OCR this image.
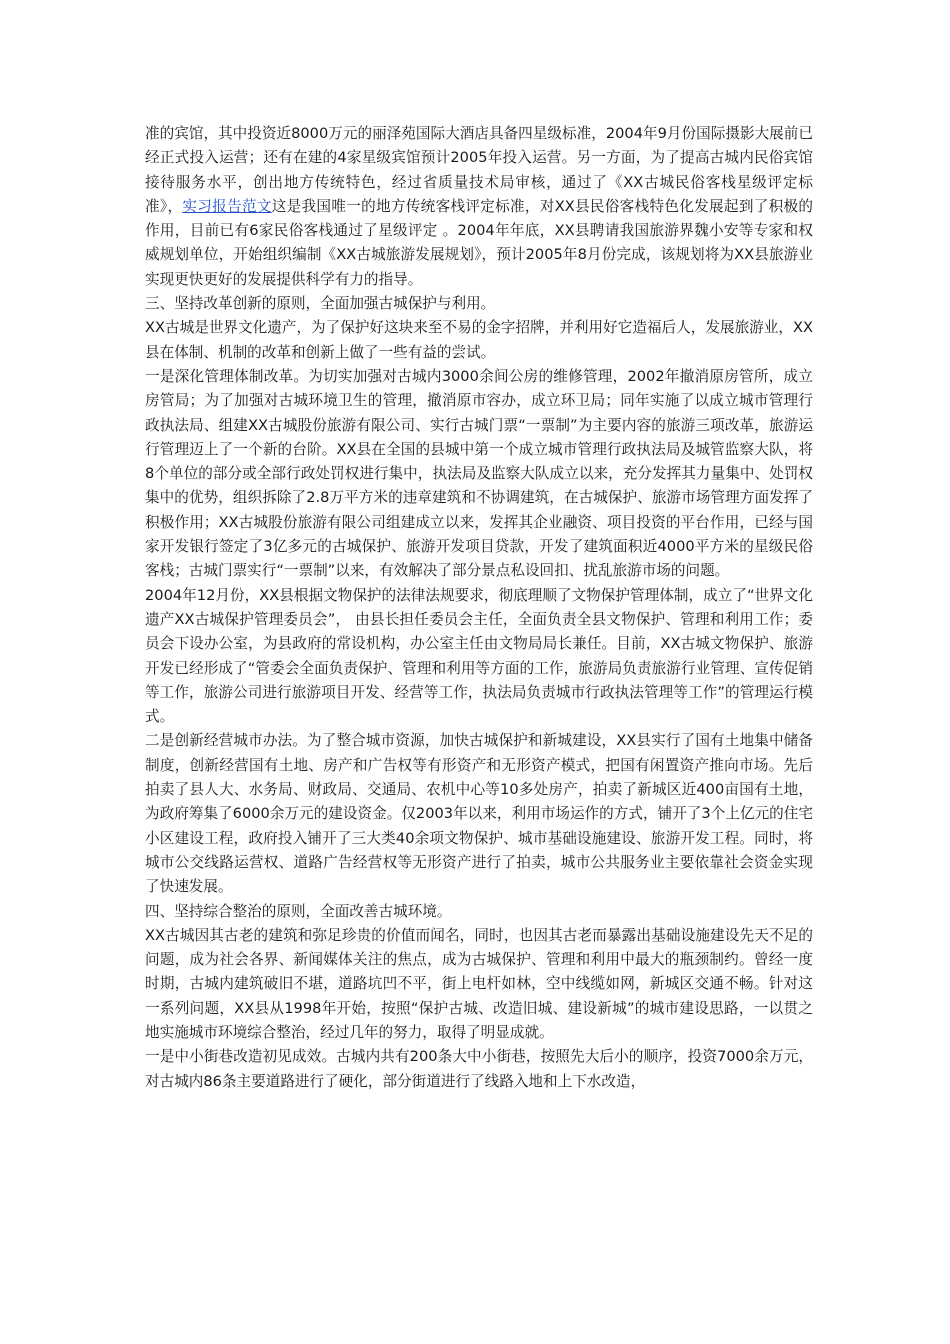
准的宾馆，其中投资近8000万元的丽泽苑国际大酒店具备四星级标准，2004年9月份国际摄影大展前已经正式投入运营；还有在建的4家星级宾馆预计2005年投入运营。另一方面，为了提高古城内民俗宾馆接待服务水平，创出地方传统特色，经过省质量技术局审核，通过了《XX古城民俗客栈星级评定标准》，实习报告范文这是我国唯一的地方传统客栈评定标准，对XX县民俗客栈特色化发展起到了积极的作用，目前已有6家民俗客栈通过了星级评定 。2004年年底，XX县聘请我国旅游界魏小安等专家和权威规划单位，开始组织编制《XX古城旅游发展规划》，预计2005年8月份完成，该规划将为XX县旅游业实现更快更好的发展提供科学有力的指导。

三、坚持改革创新的原则，全面加强古城保护与利用。

XX古城是世界文化遗产，为了保护好这块来至不易的金字招牌，并利用好它造福后人，发展旅游业，XX县在体制、机制的改革和创新上做了一些有益的尝试。

一是深化管理体制改革。为切实加强对古城内3000余间公房的维修管理，2002年撤消原房管所，成立房管局；为了加强对古城环境卫生的管理，撤消原市容办，成立环卫局；同年实施了以成立城市管理行政执法局、组建XX古城股份旅游有限公司、实行古城门票“一票制”为主要内容的旅游三项改革，旅游运行管理迈上了一个新的台阶。XX县在全国的县城中第一个成立城市管理行政执法局及城管监察大队，将8个单位的部分或全部行政处罚权进行集中，执法局及监察大队成立以来，充分发挥其力量集中、处罚权集中的优势，组织拆除了2.8万平方米的违章建筑和不协调建筑，在古城保护、旅游市场管理方面发挥了积极作用；XX古城股份旅游有限公司组建成立以来，发挥其企业融资、项目投资的平台作用，已经与国家开发银行签定了3亿多元的古城保护、旅游开发项目贷款，开发了建筑面积近4000平方米的星级民俗客栈；古城门票实行“一票制”以来，有效解决了部分景点私设回扣、扰乱旅游市场的问题。

2004年12月份，XX县根据文物保护的法律法规要求，彻底理顺了文物保护管理体制，成立了“世界文化遗产XX古城保护管理委员会”， 由县长担任委员会主任，全面负责全县文物保护、管理和利用工作；委员会下设办公室，为县政府的常设机构，办公室主任由文物局局长兼任。目前，XX古城文物保护、旅游开发已经形成了“管委会全面负责保护、管理和利用等方面的工作，旅游局负责旅游行业管理、宣传促销等工作，旅游公司进行旅游项目开发、经营等工作，执法局负责城市行政执法管理等工作”的管理运行模式。

二是创新经营城市办法。为了整合城市资源，加快古城保护和新城建设，XX县实行了国有土地集中储备制度，创新经营国有土地、房产和广告权等有形资产和无形资产模式，把国有闲置资产推向市场。先后拍卖了县人大、水务局、财政局、交通局、农机中心等10多处房产，拍卖了新城区近400亩国有土地，为政府筹集了6000余万元的建设资金。仅2003年以来，利用市场运作的方式，铺开了3个上亿元的住宅小区建设工程，政府投入铺开了三大类40余项文物保护、城市基础设施建设、旅游开发工程。同时，将城市公交线路运营权、道路广告经营权等无形资产进行了拍卖，城市公共服务业主要依靠社会资金实现了快速发展。

四、坚持综合整治的原则，全面改善古城环境。

XX古城因其古老的建筑和弥足珍贵的价值而闻名，同时，也因其古老而暴露出基础设施建设先天不足的问题，成为社会各界、新闻媒体关注的焦点，成为古城保护、管理和利用中最大的瓶颈制约。曾经一度时期，古城内建筑破旧不堪，道路坑凹不平，街上电杆如林，空中线缆如网，新城区交通不畅。针对这一系列问题，XX县从1998年开始，按照“保护古城、改造旧城、建设新城”的城市建设思路，一以贯之地实施城市环境综合整治，经过几年的努力，取得了明显成就。

一是中小街巷改造初见成效。古城内共有200条大中小街巷，按照先大后小的顺序，投资7000余万元，对古城内86条主要道路进行了硬化，部分街道进行了线路入地和上下水改造，
